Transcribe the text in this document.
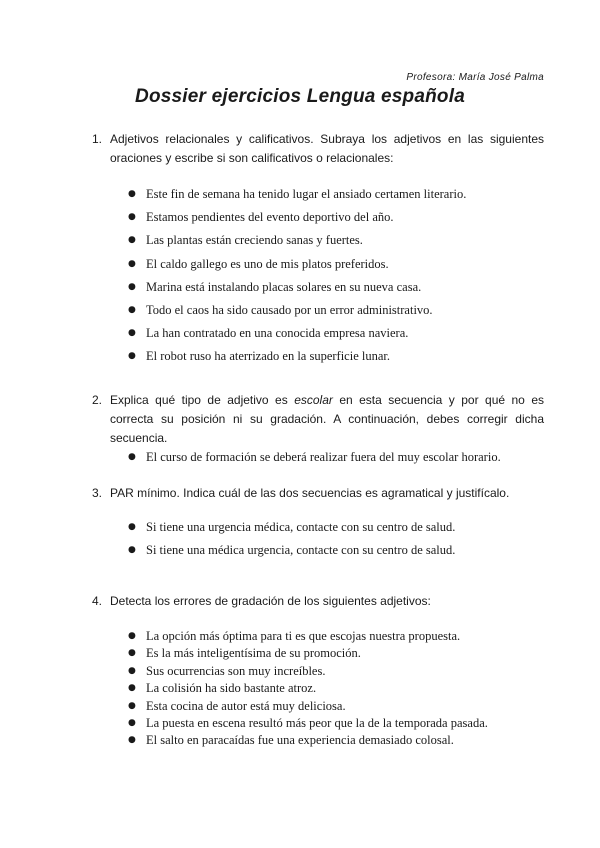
Profesora: María José Palma
Dossier ejercicios Lengua española
1. Adjetivos relacionales y calificativos. Subraya los adjetivos en las siguientes oraciones y escribe si son calificativos o relacionales:
● Este fin de semana ha tenido lugar el ansiado certamen literario.
● Estamos pendientes del evento deportivo del año.
● Las plantas están creciendo sanas y fuertes.
● El caldo gallego es uno de mis platos preferidos.
● Marina está instalando placas solares en su nueva casa.
● Todo el caos ha sido causado por un error administrativo.
● La han contratado en una conocida empresa naviera.
● El robot ruso ha aterrizado en la superficie lunar.
2. Explica qué tipo de adjetivo es escolar en esta secuencia y por qué no es correcta su posición ni su gradación. A continuación, debes corregir dicha secuencia.
● El curso de formación se deberá realizar fuera del muy escolar horario.
3. PAR mínimo. Indica cuál de las dos secuencias es agramatical y justifícalo.
● Si tiene una urgencia médica, contacte con su centro de salud.
● Si tiene una médica urgencia, contacte con su centro de salud.
4. Detecta los errores de gradación de los siguientes adjetivos:
● La opción más óptima para ti es que escojas nuestra propuesta.
● Es la más inteligentísima de su promoción.
● Sus ocurrencias son muy increíbles.
● La colisión ha sido bastante atroz.
● Esta cocina de autor está muy deliciosa.
● La puesta en escena resultó más peor que la de la temporada pasada.
● El salto en paracaídas fue una experiencia demasiado colosal.
